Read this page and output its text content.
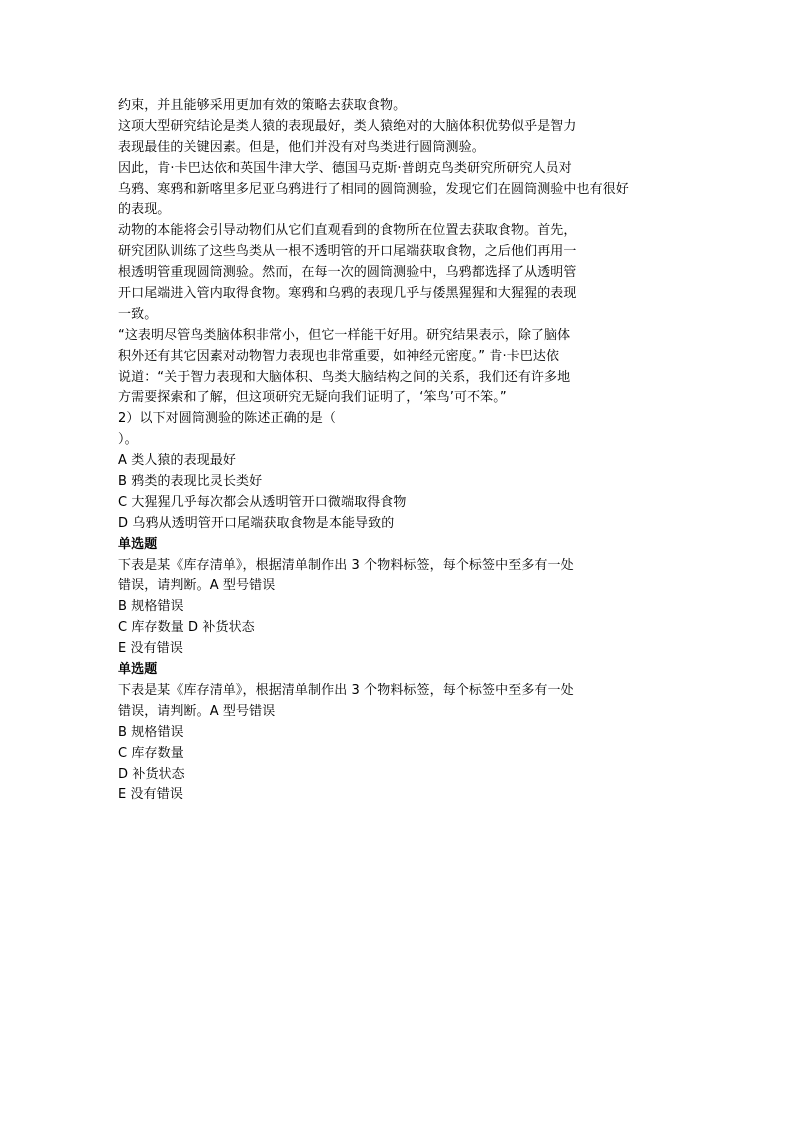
约束，并且能够采用更加有效的策略去获取食物。
这项大型研究结论是类人猿的表现最好，类人猿绝对的大脑体积优势似乎是智力
表现最佳的关键因素。但是，他们并没有对鸟类进行圆筒测验。
因此，肯·卡巴达依和英国牛津大学、德国马克斯·普朗克鸟类研究所研究人员对
乌鸦、寒鸦和新喀里多尼亚乌鸦进行了相同的圆筒测验，发现它们在圆筒测验中也有很好
的表现。
动物的本能将会引导动物们从它们直观看到的食物所在位置去获取食物。首先，
研究团队训练了这些鸟类从一根不透明管的开口尾端获取食物，之后他们再用一
根透明管重现圆筒测验。然而，在每一次的圆筒测验中，乌鸦都选择了从透明管
开口尾端进入管内取得食物。寒鸦和乌鸦的表现几乎与倭黑猩猩和大猩猩的表现
一致。
“这表明尽管鸟类脑体积非常小，但它一样能干好用。研究结果表示，除了脑体
积外还有其它因素对动物智力表现也非常重要，如神经元密度。” 肯·卡巴达依
说道：“关于智力表现和大脑体积、鸟类大脑结构之间的关系，我们还有许多地
方需要探索和了解，但这项研究无疑向我们证明了，‘笨鸟’可不笨。”
2）以下对圆筒测验的陈述正确的是（
）。
A 类人猿的表现最好
B 鸦类的表现比灵长类好
C 大猩猩几乎每次都会从透明管开口微端取得食物
D 乌鸦从透明管开口尾端获取食物是本能导致的
单选题
下表是某《库存清单》，根据清单制作出 3 个物料标签，每个标签中至多有一处
错误，请判断。A 型号错误
B 规格错误
C 库存数量 D 补货状态
E 没有错误
单选题
下表是某《库存清单》，根据清单制作出 3 个物料标签，每个标签中至多有一处
错误，请判断。A 型号错误
B 规格错误
C 库存数量
D 补货状态
E 没有错误
